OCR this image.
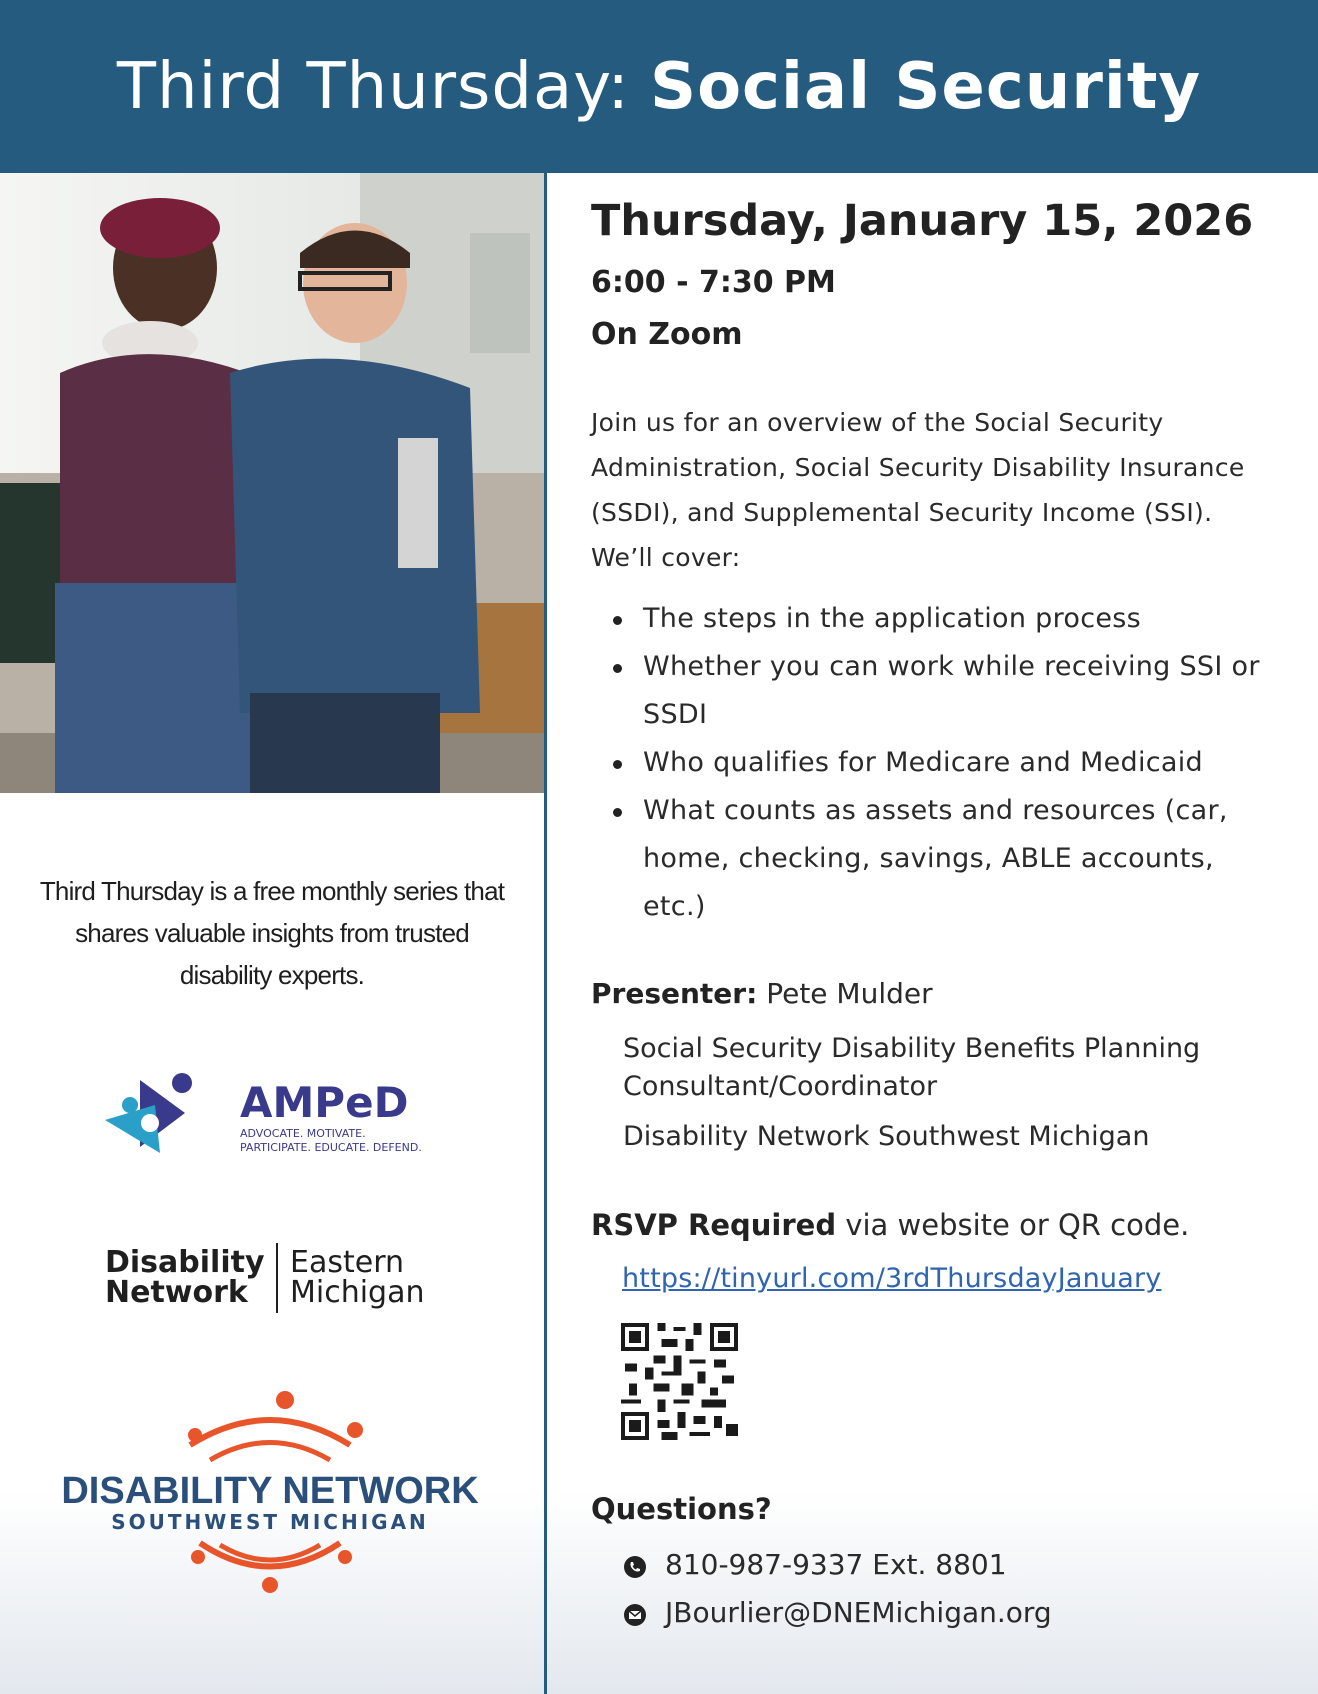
Third Thursday: Social Security
Third Thursday is a free monthly series that shares valuable insights from trusted disability experts.
AMPeD
ADVOCATE. MOTIVATE.
PARTICIPATE. EDUCATE. DEFEND.
Disability
Network
Eastern
Michigan
DISABILITY NETWORK
SOUTHWEST MICHIGAN
Thursday, January 15, 2026
6:00 - 7:30 PM
On Zoom
Join us for an overview of the Social Security Administration, Social Security Disability Insurance (SSDI), and Supplemental Security Income (SSI). We’ll cover:
The steps in the application process
Whether you can work while receiving SSI or SSDI
Who qualifies for Medicare and Medicaid
What counts as assets and resources (car, home, checking, savings, ABLE accounts, etc.)
Presenter: Pete Mulder
Social Security Disability Benefits Planning Consultant/Coordinator
Disability Network Southwest Michigan
RSVP Required via website or QR code.
https://tinyurl.com/3rdThursdayJanuary
Questions?
810-987-9337 Ext. 8801
JBourlier@DNEMichigan.org
